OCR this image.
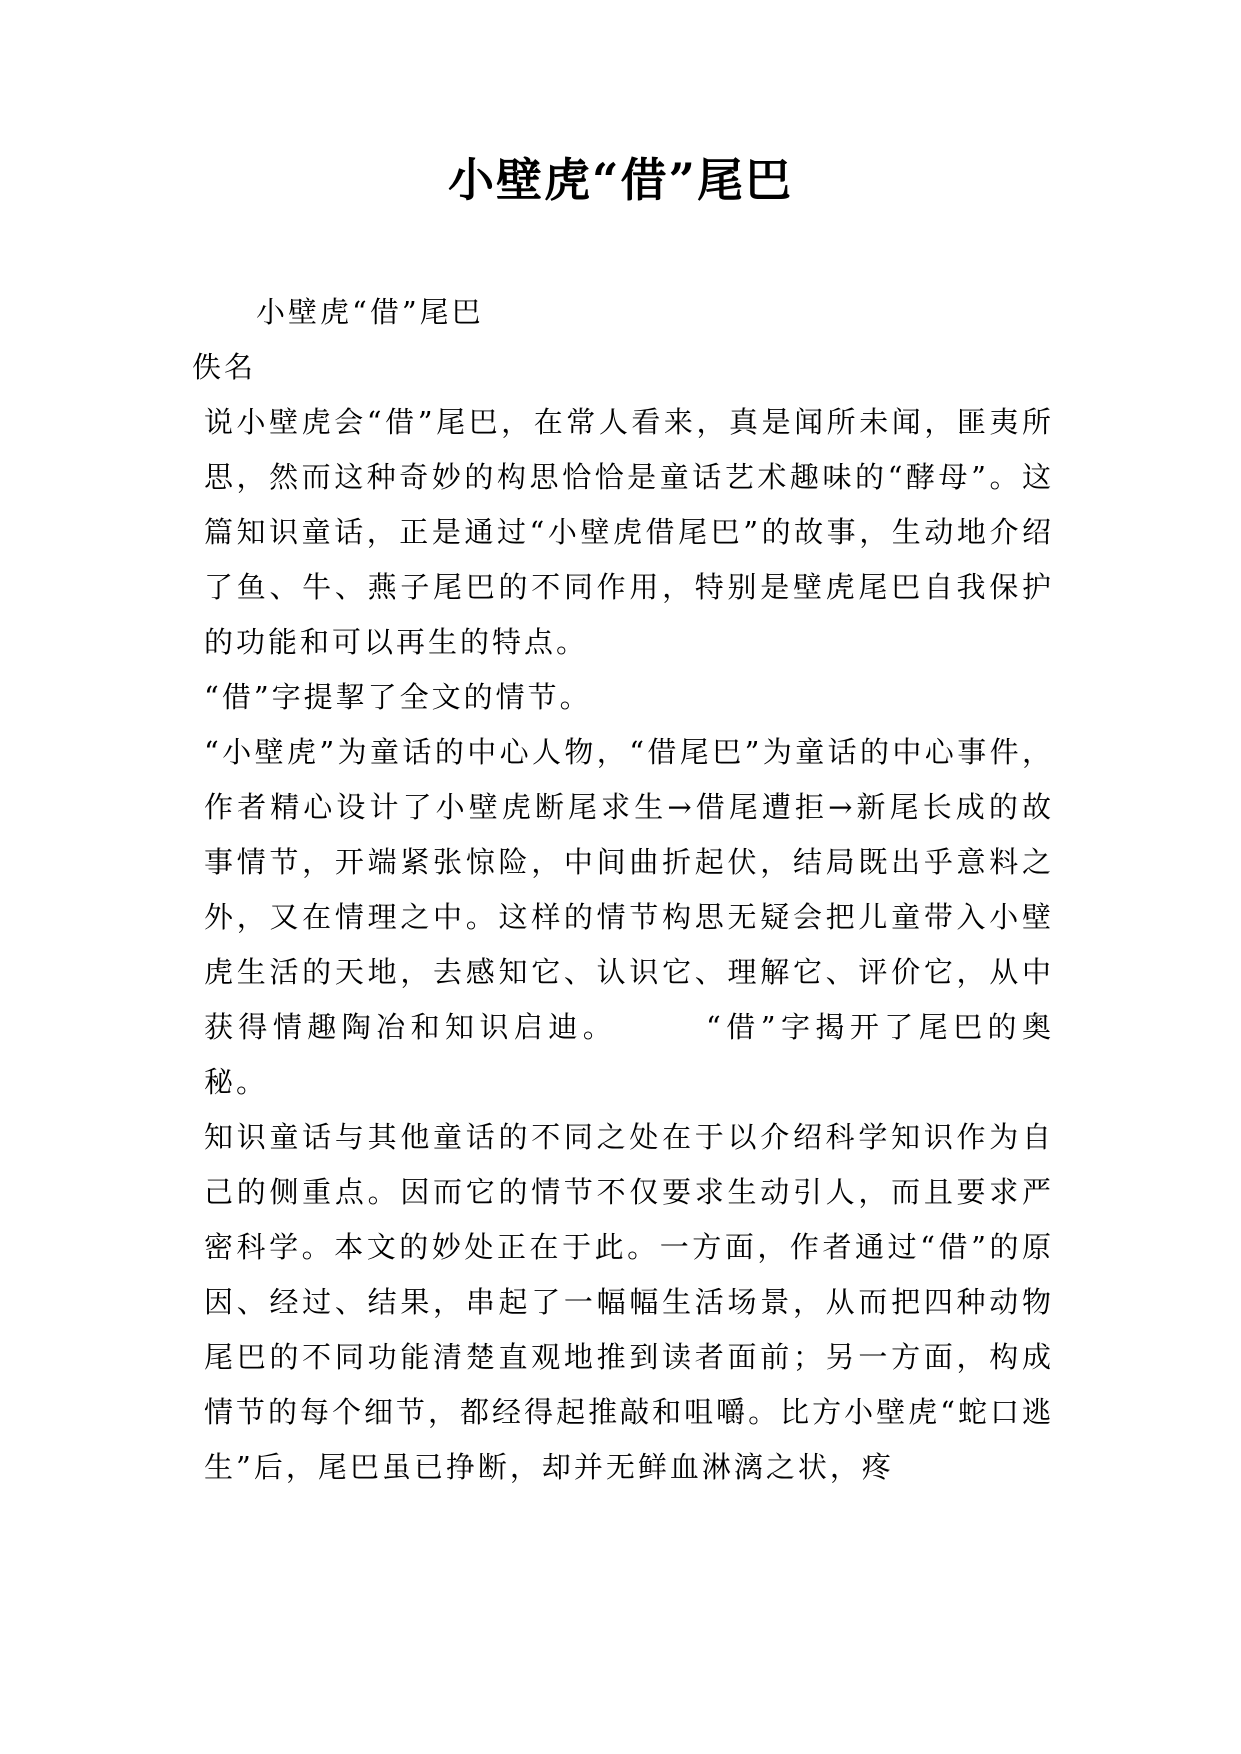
小壁虎“借”尾巴

小壁虎“借”尾巴

佚名

说小壁虎会“借”尾巴，在常人看来，真是闻所未闻，匪夷所思，然而这种奇妙的构思恰恰是童话艺术趣味的“酵母”。这篇知识童话，正是通过“小壁虎借尾巴”的故事，生动地介绍了鱼、牛、燕子尾巴的不同作用，特别是壁虎尾巴自我保护的功能和可以再生的特点。

“借”字提挈了全文的情节。

“小壁虎”为童话的中心人物，“借尾巴”为童话的中心事件，作者精心设计了小壁虎断尾求生→借尾遭拒→新尾长成的故事情节，开端紧张惊险，中间曲折起伏，结局既出乎意料之外，又在情理之中。这样的情节构思无疑会把儿童带入小壁虎生活的天地，去感知它、认识它、理解它、评价它，从中获得情趣陶冶和知识启迪。　　　“借”字揭开了尾巴的奥秘。

知识童话与其他童话的不同之处在于以介绍科学知识作为自己的侧重点。因而它的情节不仅要求生动引人，而且要求严密科学。本文的妙处正在于此。一方面，作者通过“借”的原因、经过、结果，串起了一幅幅生活场景，从而把四种动物尾巴的不同功能清楚直观地推到读者面前；另一方面，构成情节的每个细节，都经得起推敲和咀嚼。比方小壁虎“蛇口逃生”后，尾巴虽已挣断，却并无鲜血淋漓之状，疼
